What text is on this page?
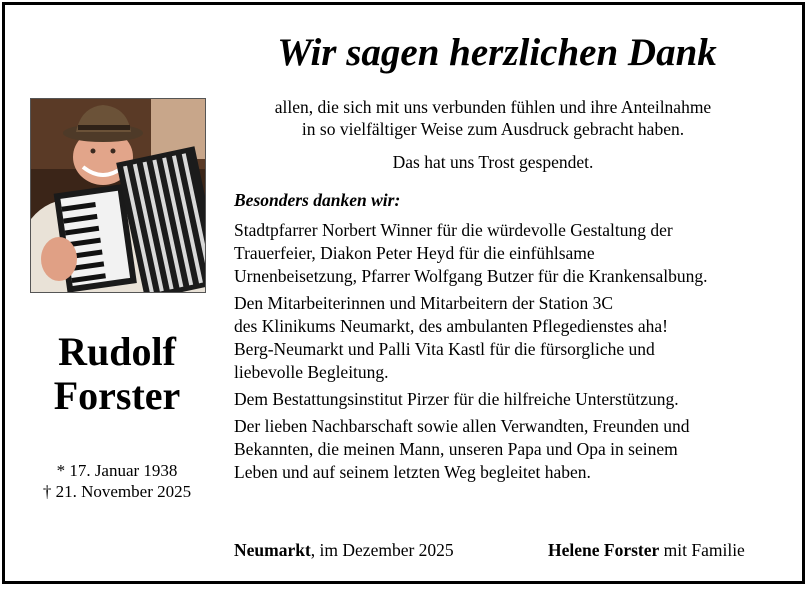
Wir sagen herzlichen Dank
Rudolf
Forster
* 17. Januar 1938
† 21. November 2025
allen, die sich mit uns verbunden fühlen und ihre Anteilnahme
in so vielfältiger Weise zum Ausdruck gebracht haben.
Das hat uns Trost gespendet.
Besonders danken wir:

Stadtpfarrer Norbert Winner für die würdevolle Gestaltung der
Trauerfeier, Diakon Peter Heyd für die einfühlsame
Urnenbeisetzung, Pfarrer Wolfgang Butzer für die Krankensalbung.

Den Mitarbeiterinnen und Mitarbeitern der Station 3C
des Klinikums Neumarkt, des ambulanten Pflegedienstes aha!
Berg-Neumarkt und Palli Vita Kastl für die fürsorgliche und
liebevolle Begleitung.

Dem Bestattungsinstitut Pirzer für die hilfreiche Unterstützung.

Der lieben Nachbarschaft sowie allen Verwandten, Freunden und
Bekannten, die meinen Mann, unseren Papa und Opa in seinem
Leben und auf seinem letzten Weg begleitet haben.

Neumarkt, im Dezember 2025	Helene Forster mit Familie
